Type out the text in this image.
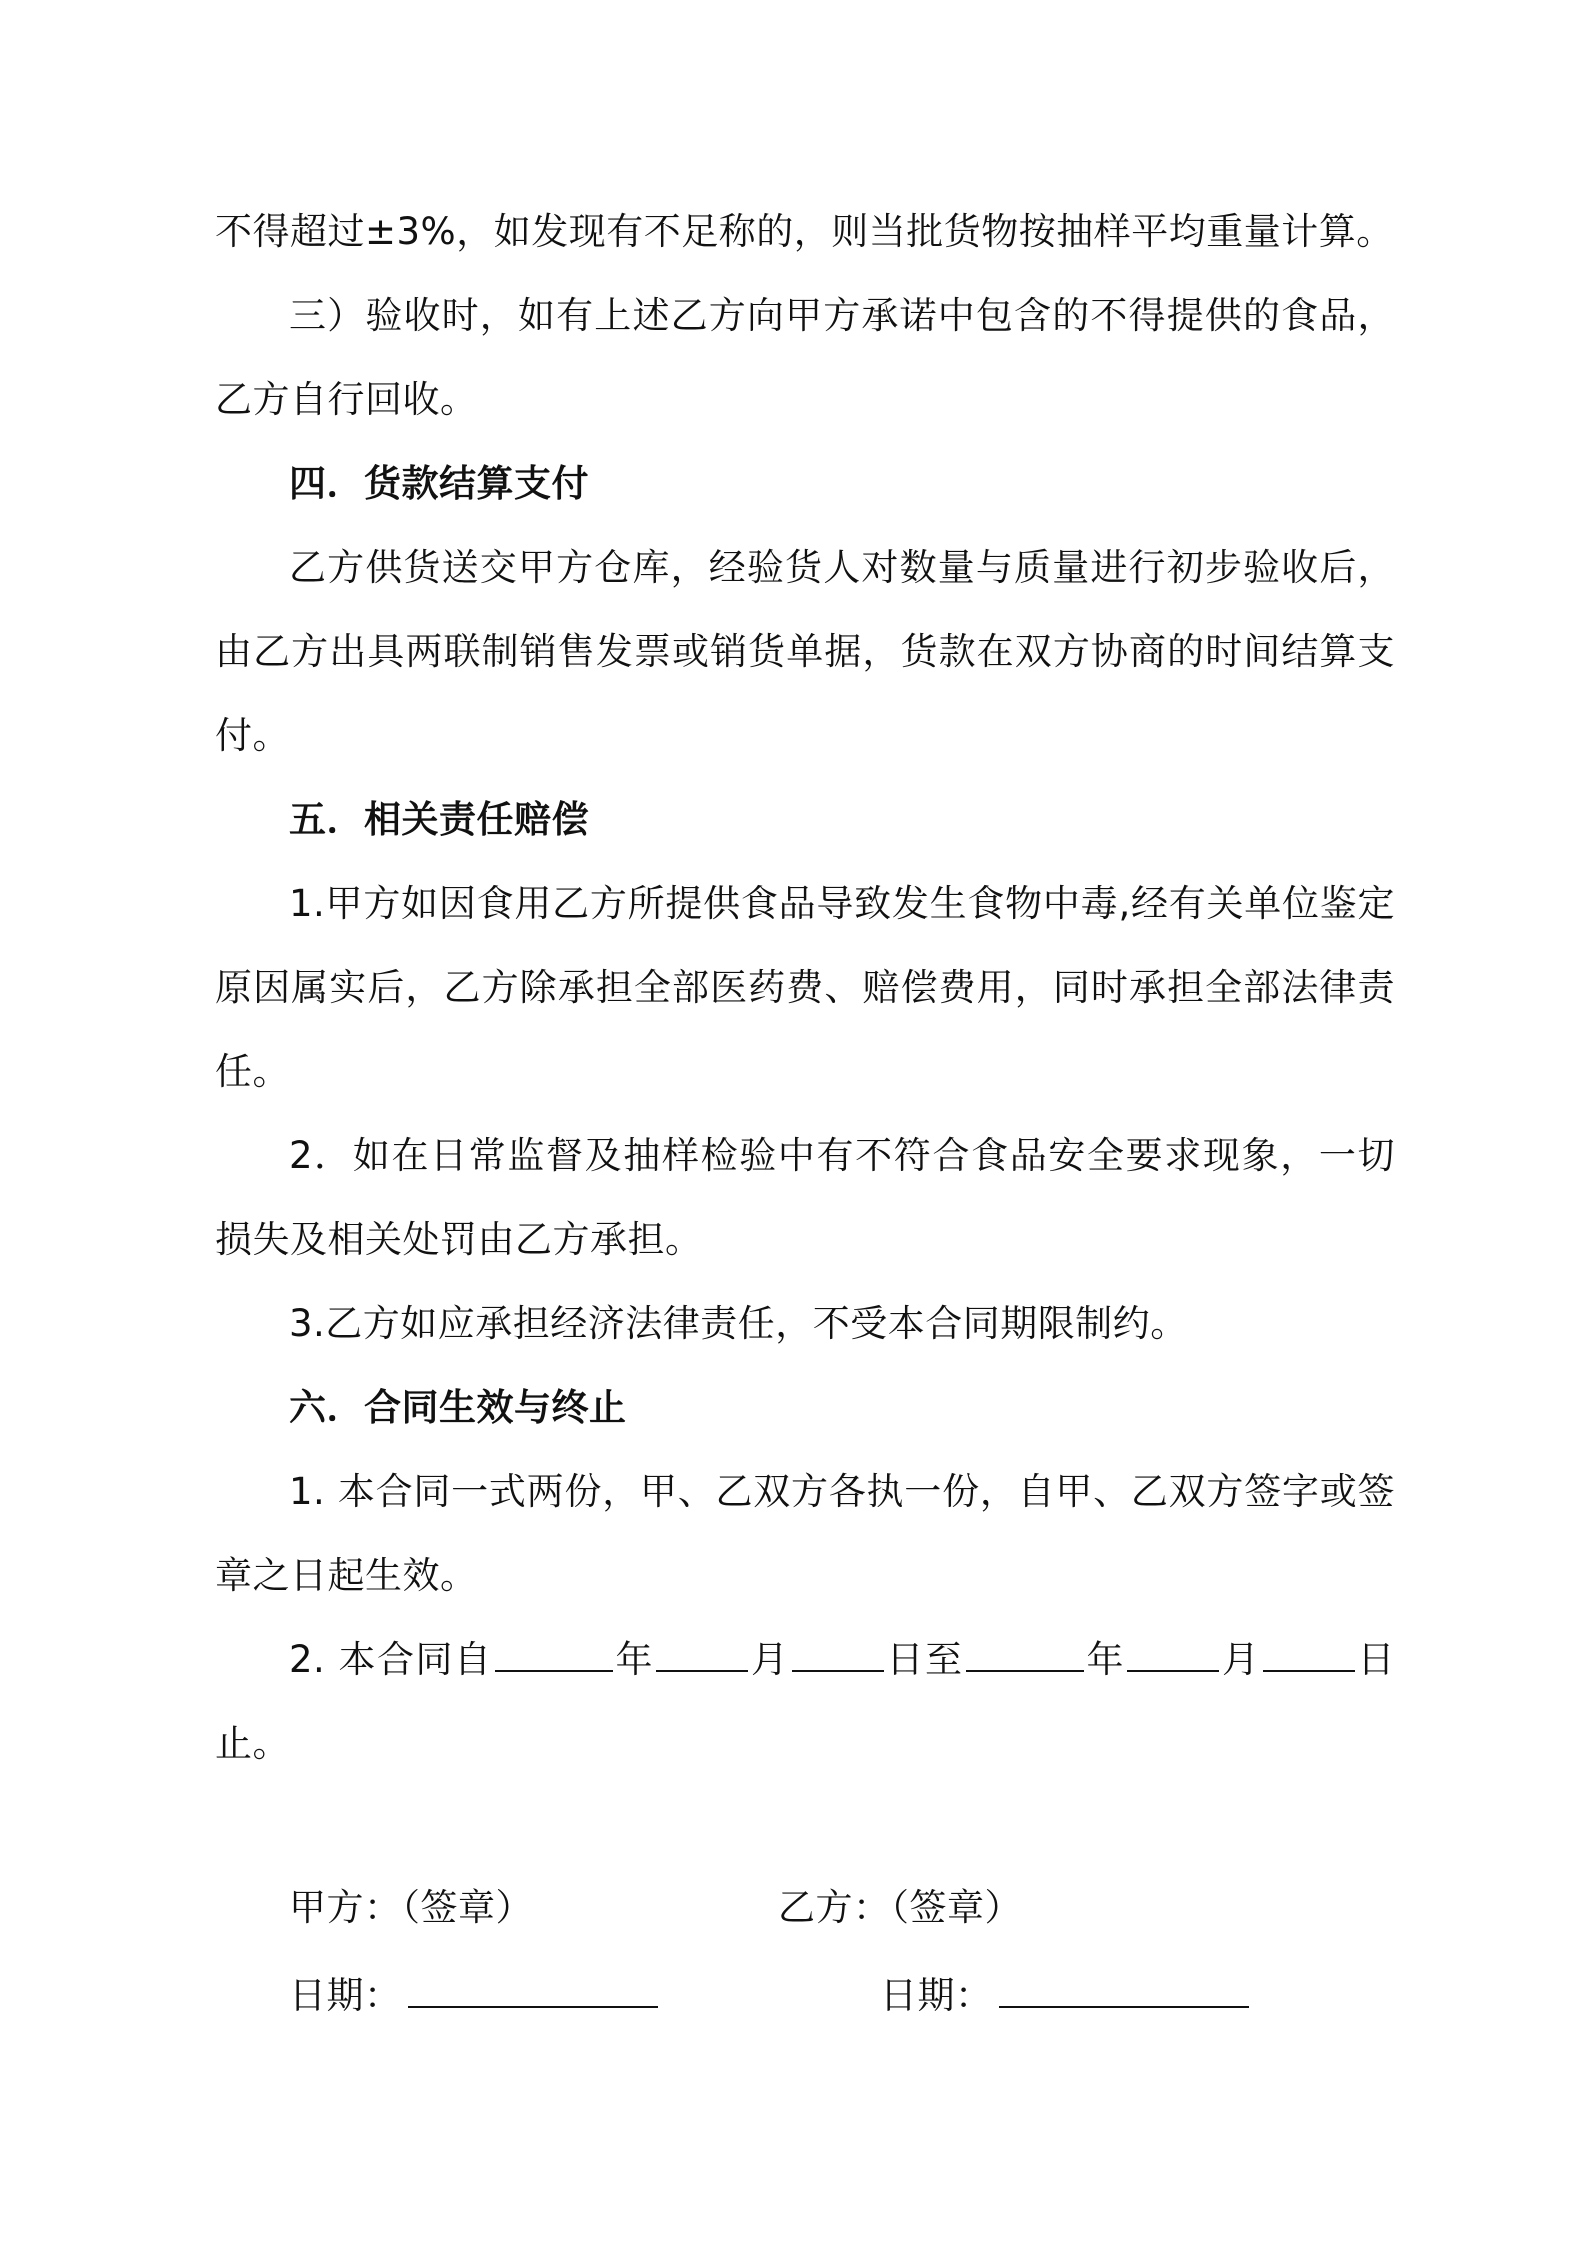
不得超过±3%，如发现有不足称的，则当批货物按抽样平均重量计算。

三）验收时，如有上述乙方向甲方承诺中包含的不得提供的食品，乙方自行回收。

四．货款结算支付

乙方供货送交甲方仓库，经验货人对数量与质量进行初步验收后，由乙方出具两联制销售发票或销货单据，货款在双方协商的时间结算支付。

五．相关责任赔偿

1.甲方如因食用乙方所提供食品导致发生食物中毒,经有关单位鉴定原因属实后，乙方除承担全部医药费、赔偿费用，同时承担全部法律责任。

2．如在日常监督及抽样检验中有不符合食品安全要求现象，一切损失及相关处罚由乙方承担。

3.乙方如应承担经济法律责任，不受本合同期限制约。

六．合同生效与终止

1. 本合同一式两份，甲、乙双方各执一份，自甲、乙双方签字或签章之日起生效。

2. 本合同自	年	月	日至	年	月	日止。

甲方：（签章）	乙方：（签章）
日期：	日期：
